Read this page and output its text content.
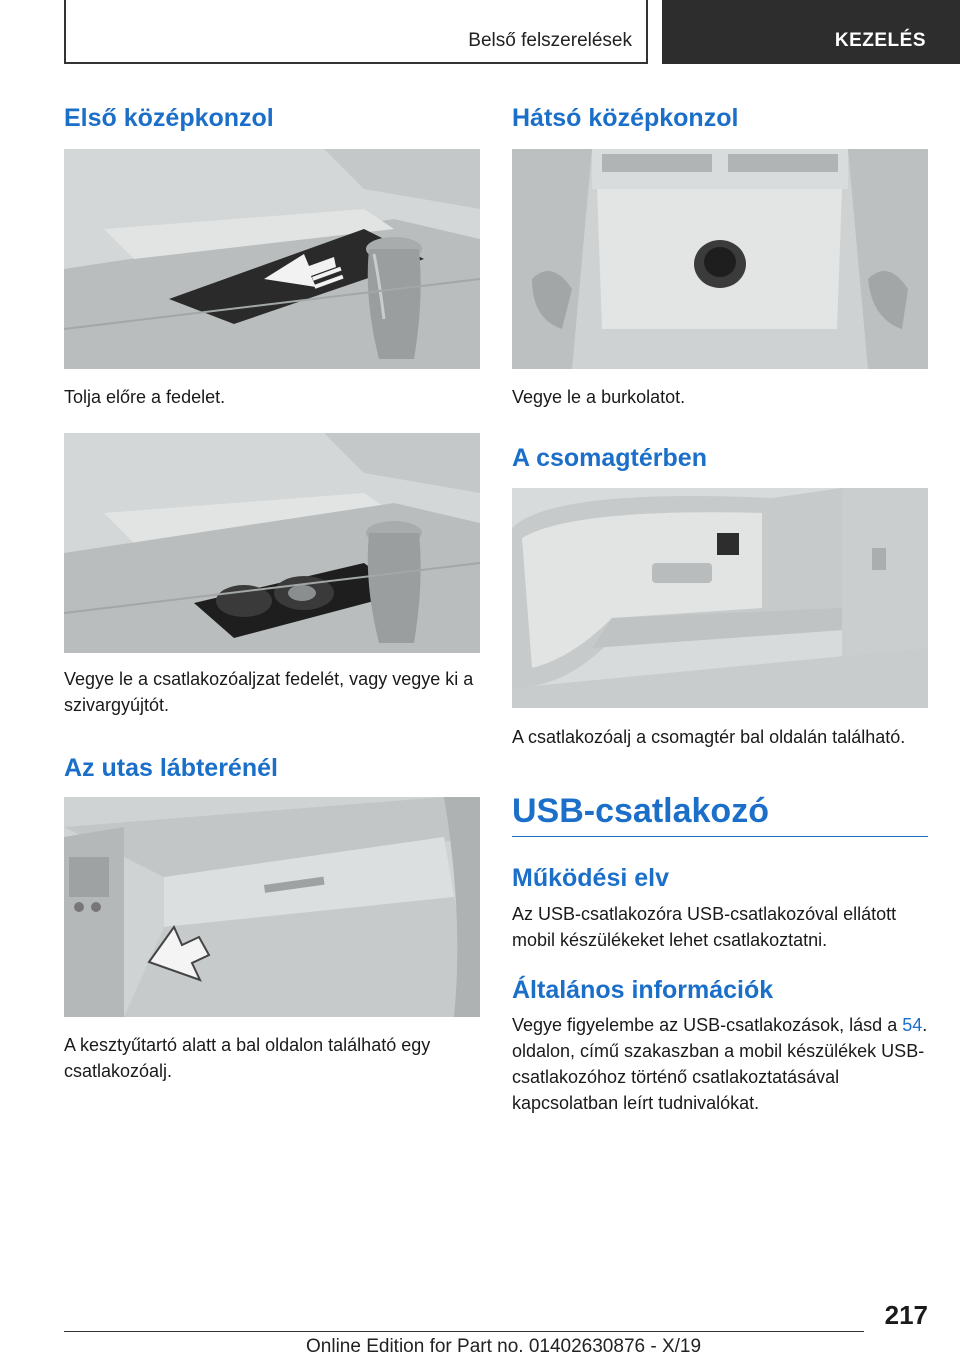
Belső felszerelések	KEZELÉS
Első középkonzol

Tolja előre a fedelet.

Vegye le a csatlakozóaljzat fedelét, vagy vegye ki a szivargyújtót.

Az utas lábterénél

A kesztyűtartó alatt a bal oldalon található egy csatlakozóalj.

Hátsó középkonzol

Vegye le a burkolatot.

A csomagtérben

A csatlakozóalj a csomagtér bal oldalán található.

USB-csatlakozó
Működési elv

Az USB-csatlakozóra USB-csatlakozóval ellátott mobil készülékeket lehet csatlakoztatni.

Általános információk

Vegye figyelembe az USB-csatlakozások, lásd a 54. oldalon, című szakaszban a mobil készülékek USB-csatlakozóhoz történő csatlakoztatásával kapcsolatban leírt tudnivalókat.

217
Online Edition for Part no. 01402630876 - X/19
